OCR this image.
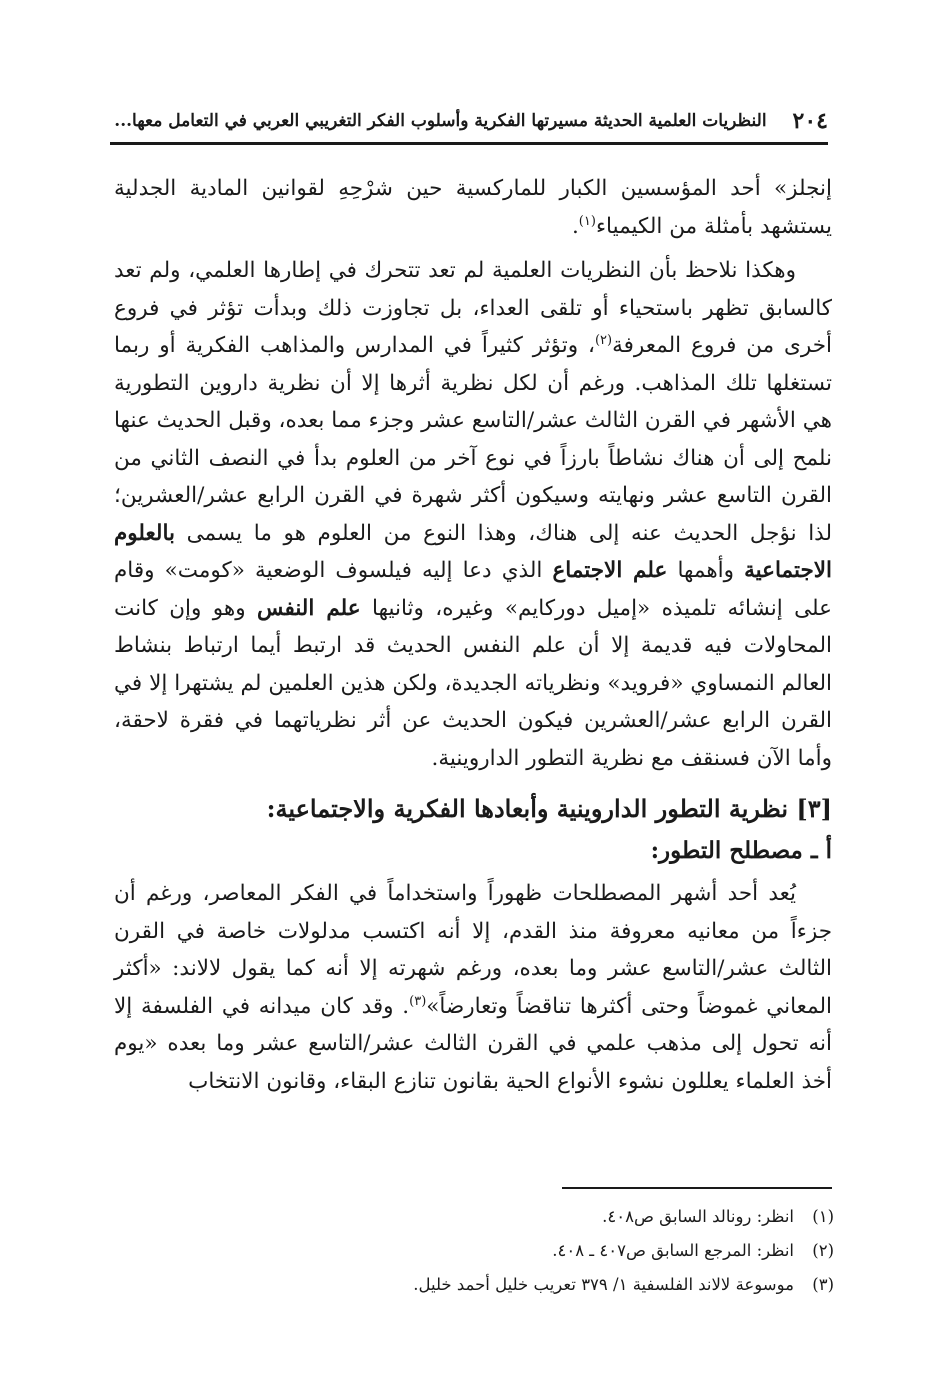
٢٠٤
النظريات العلمية الحديثة مسيرتها الفكرية وأسلوب الفكر التغريبي العربي في التعامل معها...

إنجلز» أحد المؤسسين الكبار للماركسية حين شرْحِهِ لقوانين المادية الجدلية يستشهد بأمثلة من الكيمياء$^{(١)}$.

وهكذا نلاحظ بأن النظريات العلمية لم تعد تتحرك في إطارها العلمي، ولم تعد كالسابق تظهر باستحياء أو تلقى العداء، بل تجاوزت ذلك وبدأت تؤثر في فروع أخرى من فروع المعرفة$^{(٢)}$، وتؤثر كثيراً في المدارس والمذاهب الفكرية أو ربما تستغلها تلك المذاهب. ورغم أن لكل نظرية أثرها إلا أن نظرية داروين التطورية هي الأشهر في القرن الثالث عشر/التاسع عشر وجزء مما بعده، وقبل الحديث عنها نلمح إلى أن هناك نشاطاً بارزاً في نوع آخر من العلوم بدأ في النصف الثاني من القرن التاسع عشر ونهايته وسيكون أكثر شهرة في القرن الرابع عشر/العشرين؛ لذا نؤجل الحديث عنه إلى هناك، وهذا النوع من العلوم هو ما يسمى بالعلوم الاجتماعية وأهمها علم الاجتماع الذي دعا إليه فيلسوف الوضعية «كومت» وقام على إنشائه تلميذه «إميل دوركايم» وغيره، وثانيها علم النفس وهو وإن كانت المحاولات فيه قديمة إلا أن علم النفس الحديث قد ارتبط أيما ارتباط بنشاط العالم النمساوي «فرويد» ونظرياته الجديدة، ولكن هذين العلمين لم يشتهرا إلا في القرن الرابع عشر/العشرين فيكون الحديث عن أثر نظرياتهما في فقرة لاحقة، وأما الآن فسنقف مع نظرية التطور الداروينية.

[٣] نظرية التطور الداروينية وأبعادها الفكرية والاجتماعية:
أ ـ مصطلح التطور:

يُعد أحد أشهر المصطلحات ظهوراً واستخداماً في الفكر المعاصر، ورغم أن جزءاً من معانيه معروفة منذ القدم، إلا أنه اكتسب مدلولات خاصة في القرن الثالث عشر/التاسع عشر وما بعده، ورغم شهرته إلا أنه كما يقول لالاند: «أكثر المعاني غموضاً وحتى أكثرها تناقضاً وتعارضاً»$^{(٣)}$. وقد كان ميدانه في الفلسفة إلا أنه تحول إلى مذهب علمي في القرن الثالث عشر/التاسع عشر وما بعده «يوم أخذ العلماء يعللون نشوء الأنواع الحية بقانون تنازع البقاء، وقانون الانتخاب

(١)انظر: رونالد السابق ص٤٠٨.
(٢)انظر: المرجع السابق ص٤٠٧ ـ ٤٠٨.
(٣)موسوعة لالاند الفلسفية ١/ ٣٧٩ تعريب خليل أحمد خليل.
